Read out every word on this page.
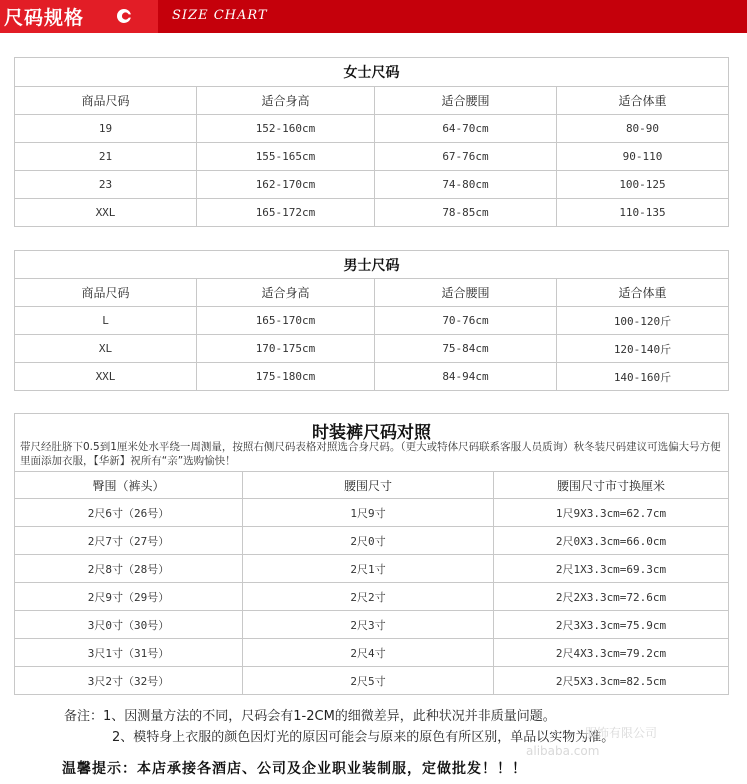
尺码规格	SIZE CHART
女士尺码			
商品尺码	适合身高	适合腰围	适合体重
19	152-160cm	64-70cm	80-90
21	155-165cm	67-76cm	90-110
23	162-170cm	74-80cm	100-125
XXL	165-172cm	78-85cm	110-135
男士尺码			
商品尺码	适合身高	适合腰围	适合体重
L	165-170cm	70-76cm	100-120斤
XL	170-175cm	75-84cm	120-140斤
XXL	175-180cm	84-94cm	140-160斤
时装裤尺码对照		
臀围（裤头）	腰围尺寸	腰围尺寸市寸换厘米
2尺6寸（26号）	1尺9寸	1尺9X3.3cm=62.7cm
2尺7寸（27号）	2尺0寸	2尺0X3.3cm=66.0cm
2尺8寸（28号）	2尺1寸	2尺1X3.3cm=69.3cm
2尺9寸（29号）	2尺2寸	2尺2X3.3cm=72.6cm
3尺0寸（30号）	2尺3寸	2尺3X3.3cm=75.9cm
3尺1寸（31号）	2尺4寸	2尺4X3.3cm=79.2cm
3尺2寸（32号）	2尺5寸	2尺5X3.3cm=82.5cm
带尺经肚脐下0.5到1厘米处水平绕一周测量，按照右侧尺码表格对照选合身尺码。（更大或特体尺码联系客服人员质询）秋冬装尺码建议可选偏大号方便里面添加衣服，【华新】祝所有“亲”选购愉快！
备注：1、因测量方法的不同，尺码会有1-2CM的细微差异，此种状况并非质量问题。
2、模特身上衣服的颜色因灯光的原因可能会与原来的原色有所区别，单品以实物为准。
服饰有限公司
alibaba.com
温馨提示：本店承接各酒店、公司及企业职业装制服，定做批发！！！
